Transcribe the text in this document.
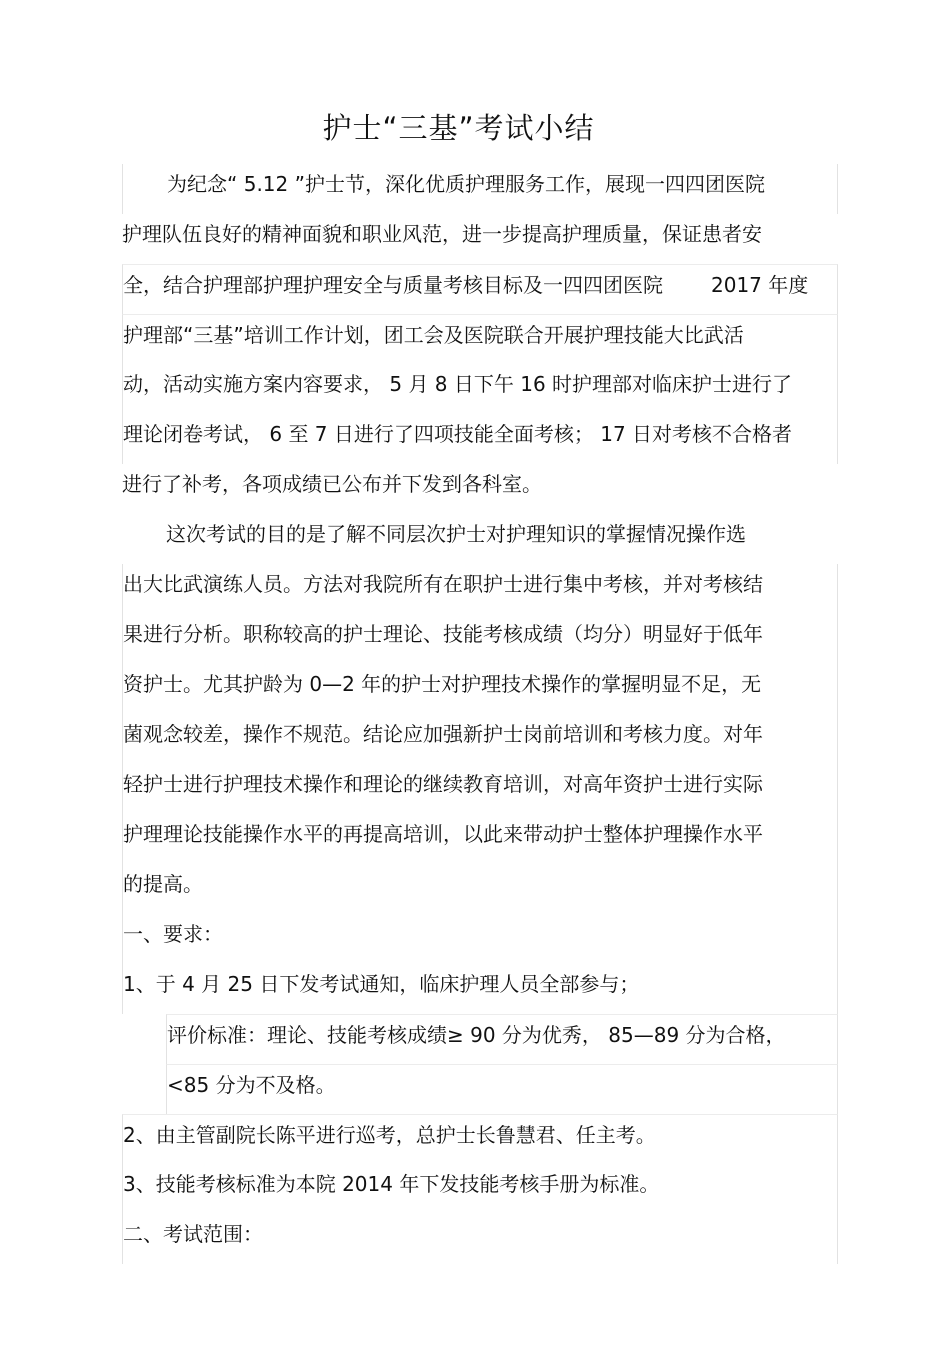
护士“三基”考试小结
为纪念“ 5.12 ”护士节，深化优质护理服务工作，展现一四四团医院
护理队伍良好的精神面貌和职业风范，进一步提高护理质量，保证患者安
全，结合护理部护理护理安全与质量考核目标及一四四团医院 2017 年度
护理部“三基”培训工作计划，团工会及医院联合开展护理技能大比武活
动，活动实施方案内容要求， 5 月 8 日下午 16 时护理部对临床护士进行了
理论闭卷考试， 6 至 7 日进行了四项技能全面考核； 17 日对考核不合格者
进行了补考，各项成绩已公布并下发到各科室。
这次考试的目的是了解不同层次护士对护理知识的掌握情况操作选
出大比武演练人员。方法对我院所有在职护士进行集中考核，并对考核结
果进行分析。职称较高的护士理论、技能考核成绩（均分）明显好于低年
资护士。尤其护龄为 0—2 年的护士对护理技术操作的掌握明显不足，无
菌观念较差，操作不规范。结论应加强新护士岗前培训和考核力度。对年
轻护士进行护理技术操作和理论的继续教育培训，对高年资护士进行实际
护理理论技能操作水平的再提高培训，以此来带动护士整体护理操作水平
的提高。
一、要求：
1、于 4 月 25 日下发考试通知，临床护理人员全部参与；
评价标准：理论、技能考核成绩≥ 90 分为优秀， 85—89 分为合格，
<85 分为不及格。
2、由主管副院长陈平进行巡考，总护士长鲁慧君、任主考。
3、技能考核标准为本院 2014 年下发技能考核手册为标准。
二、考试范围：
